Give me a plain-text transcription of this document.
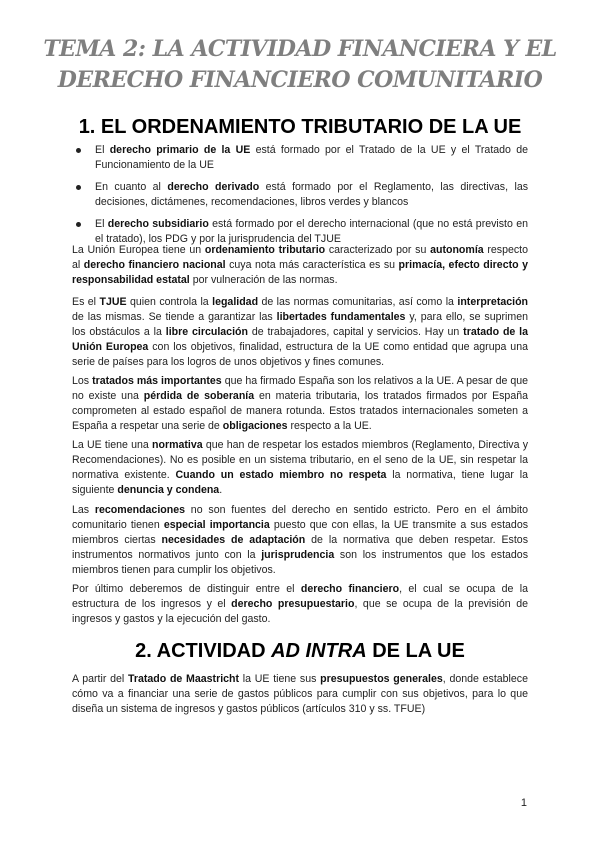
TEMA 2: LA ACTIVIDAD FINANCIERA Y EL
DERECHO FINANCIERO COMUNITARIO
1. EL ORDENAMIENTO TRIBUTARIO DE LA UE
El derecho primario de la UE está formado por el Tratado de la UE y el Tratado de Funcionamiento de la UE
En cuanto al derecho derivado está formado por el Reglamento, las directivas, las decisiones, dictámenes, recomendaciones, libros verdes y blancos
El derecho subsidiario está formado por el derecho internacional (que no está previsto en el tratado), los PDG y por la jurisprudencia del TJUE

La Unión Europea tiene un ordenamiento tributario caracterizado por su autonomía respecto al derecho financiero nacional cuya nota más característica es su primacía, efecto directo y responsabilidad estatal por vulneración de las normas.

Es el TJUE quien controla la legalidad de las normas comunitarias, así como la interpretación de las mismas. Se tiende a garantizar las libertades fundamentales y, para ello, se suprimen los obstáculos a la libre circulación de trabajadores, capital y servicios. Hay un tratado de la Unión Europea con los objetivos, finalidad, estructura de la UE como entidad que agrupa una serie de países para los logros de unos objetivos y fines comunes.

Los tratados más importantes que ha firmado España son los relativos a la UE. A pesar de que no existe una pérdida de soberanía en materia tributaria, los tratados firmados por España comprometen al estado español de manera rotunda. Estos tratados internacionales someten a España a respetar una serie de obligaciones respecto a la UE.

La UE tiene una normativa que han de respetar los estados miembros (Reglamento, Directiva y Recomendaciones). No es posible en un sistema tributario, en el seno de la UE, sin respetar la normativa existente. Cuando un estado miembro no respeta la normativa, tiene lugar la siguiente denuncia y condena.

Las recomendaciones no son fuentes del derecho en sentido estricto. Pero en el ámbito comunitario tienen especial importancia puesto que con ellas, la UE transmite a sus estados miembros ciertas necesidades de adaptación de la normativa que deben respetar. Estos instrumentos normativos junto con la jurisprudencia son los instrumentos que los estados miembros tienen para cumplir los objetivos.

Por último deberemos de distinguir entre el derecho financiero, el cual se ocupa de la estructura de los ingresos y el derecho presupuestario, que se ocupa de la previsión de ingresos y gastos y la ejecución del gasto.

2. ACTIVIDAD AD INTRA DE LA UE

A partir del Tratado de Maastricht la UE tiene sus presupuestos generales, donde establece cómo va a financiar una serie de gastos públicos para cumplir con sus objetivos, para lo que diseña un sistema de ingresos y gastos públicos (artículos 310 y ss. TFUE)

1
